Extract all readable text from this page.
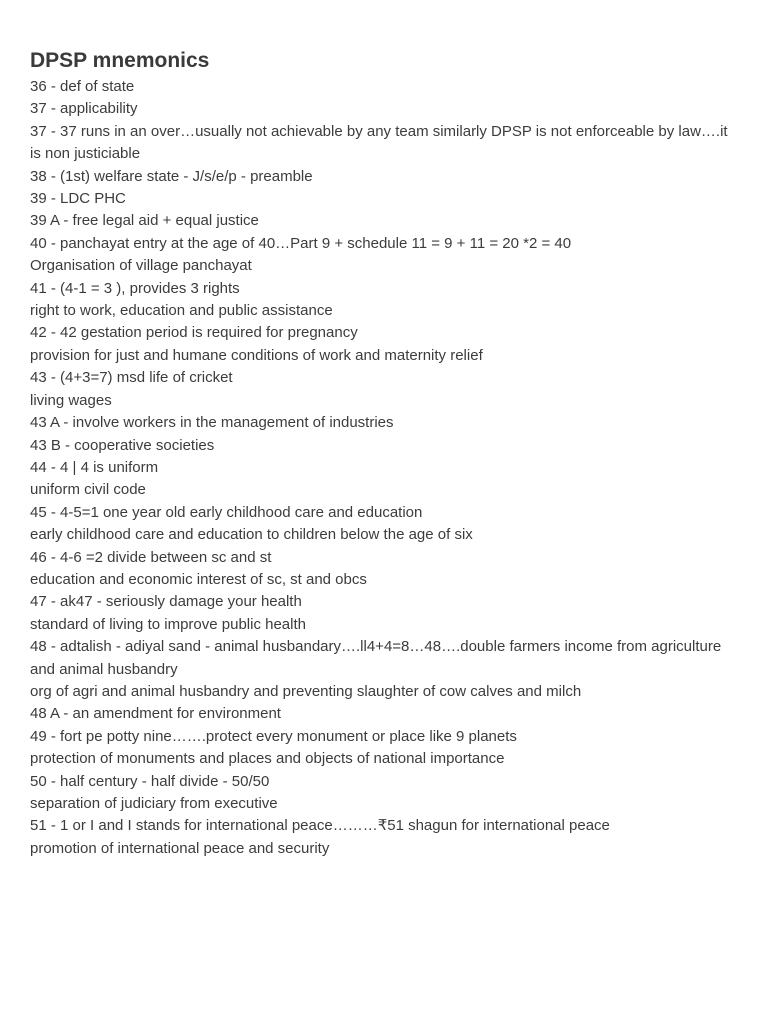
DPSP mnemonics
36 - def of state
37 - applicability
37 - 37 runs in an over…usually not achievable by any team similarly DPSP is not enforceable by law….it is non justiciable
38 - (1st) welfare state - J/s/e/p - preamble
39 - LDC PHC
39 A - free legal aid + equal justice
40 - panchayat entry at the age of 40…Part 9 + schedule 11 = 9 + 11 = 20 *2 = 40
Organisation of village panchayat
41 - (4-1 = 3 ), provides 3 rights
right to work, education and public assistance
42 - 42 gestation period is required for pregnancy
provision for just and humane conditions of work and maternity relief
43 - (4+3=7) msd life of cricket
living wages
43 A - involve workers in the management of industries
43 B - cooperative societies
44 - 4 | 4 is uniform
uniform civil code
45 - 4-5=1 one year old early childhood care and education
early childhood care and education to children below the age of six
46 - 4-6 =2 divide between sc and st
education and economic interest of sc, st and obcs
47 - ak47 - seriously damage your health
standard of living to improve public health
48 - adtalish - adiyal sand - animal husbandary….ll4+4=8…48….double farmers income from agriculture and animal husbandry
org of agri and animal husbandry and preventing slaughter of cow calves and milch
48 A - an amendment for environment
49 - fort pe potty nine…….protect every monument or place like 9 planets
protection of monuments and places and objects of national importance
50 - half century - half divide - 50/50
separation of judiciary from executive
51 - 1 or I and I stands for international peace………₹51 shagun for international peace
promotion of international peace and security
